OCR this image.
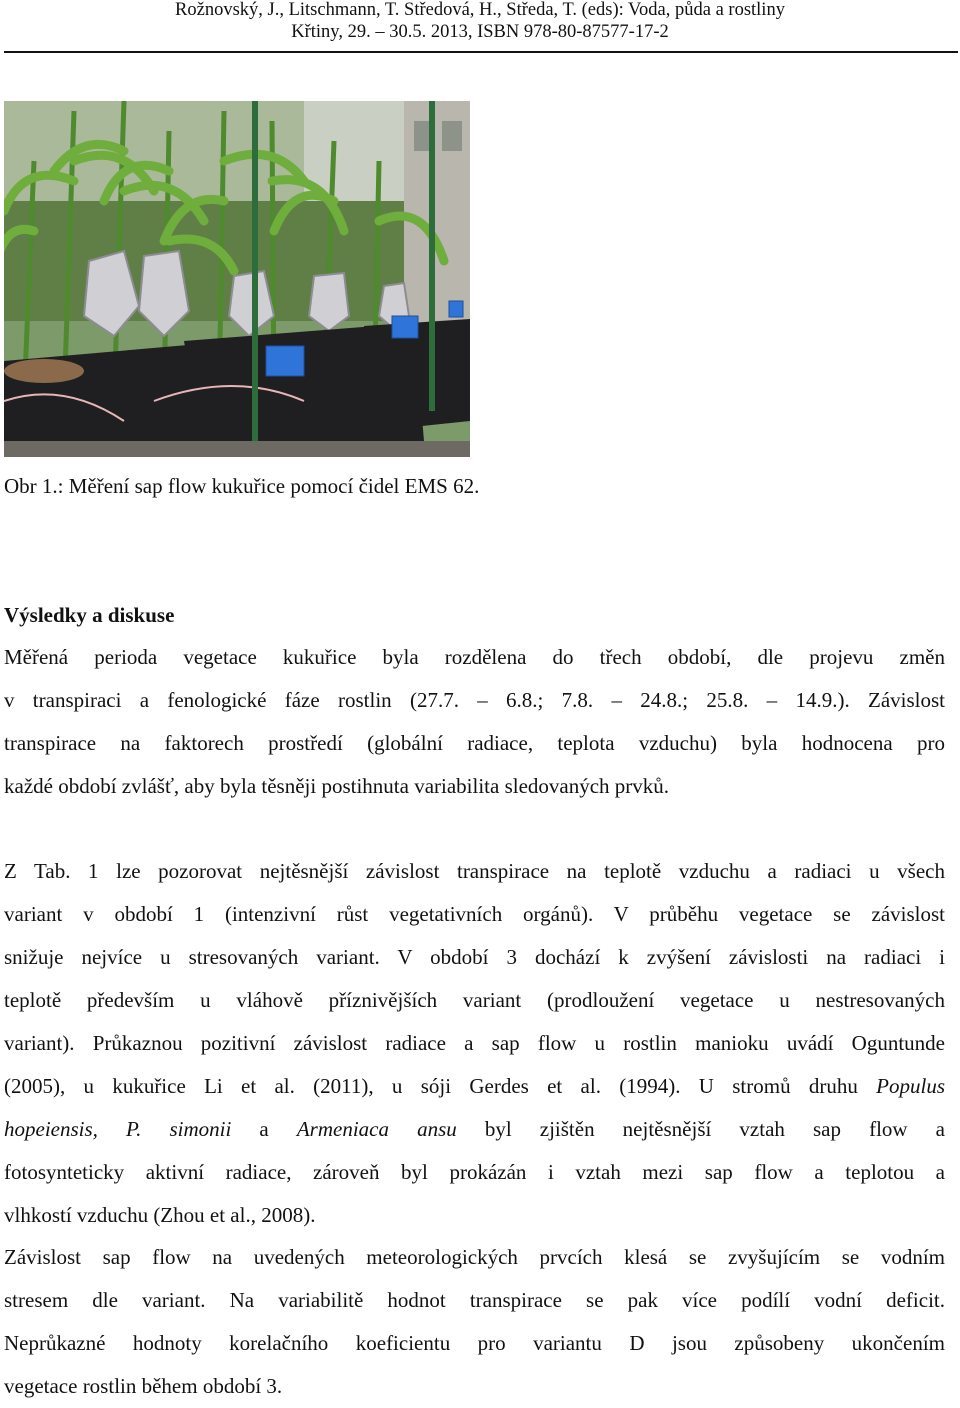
Rožnovský, J., Litschmann, T. Středová, H., Středa, T. (eds): Voda, půda a rostliny
Křtiny, 29. – 30.5. 2013, ISBN 978-80-87577-17-2
Obr 1.: Měření sap flow kukuřice pomocí čidel EMS 62.
Výsledky a diskuse
Měřená perioda vegetace kukuřice byla rozdělena do třech období, dle projevu změn
v transpiraci a fenologické fáze rostlin (27.7. – 6.8.; 7.8. – 24.8.; 25.8. – 14.9.). Závislost
transpirace na faktorech prostředí (globální radiace, teplota vzduchu) byla hodnocena pro
každé období zvlášť, aby byla těsněji postihnuta variabilita sledovaných prvků.
Z Tab. 1 lze pozorovat nejtěsnější závislost transpirace na teplotě vzduchu a radiaci u všech
variant v období 1 (intenzivní růst vegetativních orgánů). V průběhu vegetace se závislost
snižuje nejvíce u stresovaných variant. V období 3 dochází k zvýšení závislosti na radiaci i
teplotě především u vláhově příznivějších variant (prodloužení vegetace u nestresovaných
variant). Průkaznou pozitivní závislost radiace a sap flow u rostlin manioku uvádí Oguntunde
(2005), u kukuřice Li et al. (2011), u sóji Gerdes et al. (1994). U stromů druhu Populus
hopeiensis, P. simonii a Armeniaca ansu byl zjištěn nejtěsnější vztah sap flow a
fotosynteticky aktivní radiace, zároveň byl prokázán i vztah mezi sap flow a teplotou a
vlhkostí vzduchu (Zhou et al., 2008).
Závislost sap flow na uvedených meteorologických prvcích klesá se zvyšujícím se vodním
stresem dle variant. Na variabilitě hodnot transpirace se pak více podílí vodní deficit.
Neprůkazné hodnoty korelačního koeficientu pro variantu D jsou způsobeny ukončením
vegetace rostlin během období 3.
